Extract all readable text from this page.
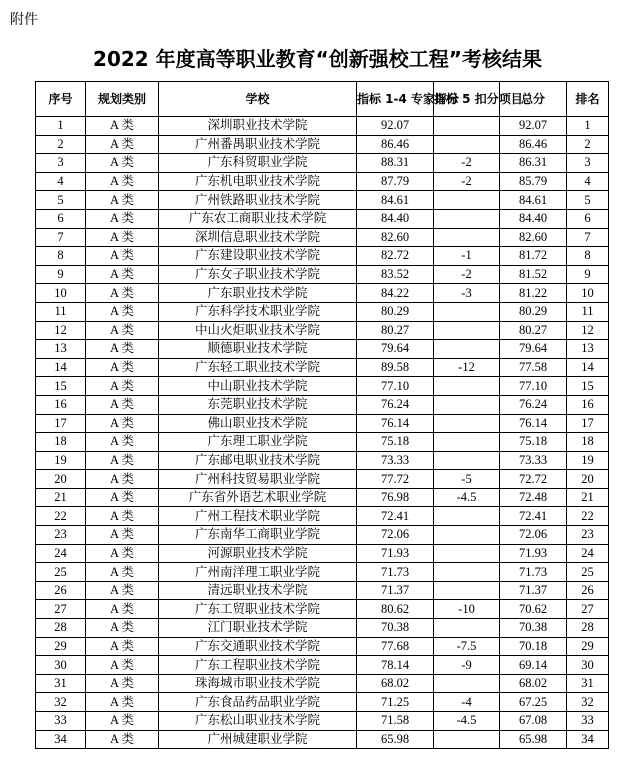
附件
2022 年度高等职业教育“创新强校工程”考核结果
序号	规划类别	学校	指标 1-4 专家评分	指标 5 扣分项目	总分	排名
1	A 类	深圳职业技术学院	92.07		92.07	1
2	A 类	广州番禺职业技术学院	86.46		86.46	2
3	A 类	广东科贸职业学院	88.31	-2	86.31	3
4	A 类	广东机电职业技术学院	87.79	-2	85.79	4
5	A 类	广州铁路职业技术学院	84.61		84.61	5
6	A 类	广东农工商职业技术学院	84.40		84.40	6
7	A 类	深圳信息职业技术学院	82.60		82.60	7
8	A 类	广东建设职业技术学院	82.72	-1	81.72	8
9	A 类	广东女子职业技术学院	83.52	-2	81.52	9
10	A 类	广东职业技术学院	84.22	-3	81.22	10
11	A 类	广东科学技术职业学院	80.29		80.29	11
12	A 类	中山火炬职业技术学院	80.27		80.27	12
13	A 类	顺德职业技术学院	79.64		79.64	13
14	A 类	广东轻工职业技术学院	89.58	-12	77.58	14
15	A 类	中山职业技术学院	77.10		77.10	15
16	A 类	东莞职业技术学院	76.24		76.24	16
17	A 类	佛山职业技术学院	76.14		76.14	17
18	A 类	广东理工职业学院	75.18		75.18	18
19	A 类	广东邮电职业技术学院	73.33		73.33	19
20	A 类	广州科技贸易职业学院	77.72	-5	72.72	20
21	A 类	广东省外语艺术职业学院	76.98	-4.5	72.48	21
22	A 类	广州工程技术职业学院	72.41		72.41	22
23	A 类	广东南华工商职业学院	72.06		72.06	23
24	A 类	河源职业技术学院	71.93		71.93	24
25	A 类	广州南洋理工职业学院	71.73		71.73	25
26	A 类	清远职业技术学院	71.37		71.37	26
27	A 类	广东工贸职业技术学院	80.62	-10	70.62	27
28	A 类	江门职业技术学院	70.38		70.38	28
29	A 类	广东交通职业技术学院	77.68	-7.5	70.18	29
30	A 类	广东工程职业技术学院	78.14	-9	69.14	30
31	A 类	珠海城市职业技术学院	68.02		68.02	31
32	A 类	广东食品药品职业学院	71.25	-4	67.25	32
33	A 类	广东松山职业技术学院	71.58	-4.5	67.08	33
34	A 类	广州城建职业学院	65.98		65.98	34
